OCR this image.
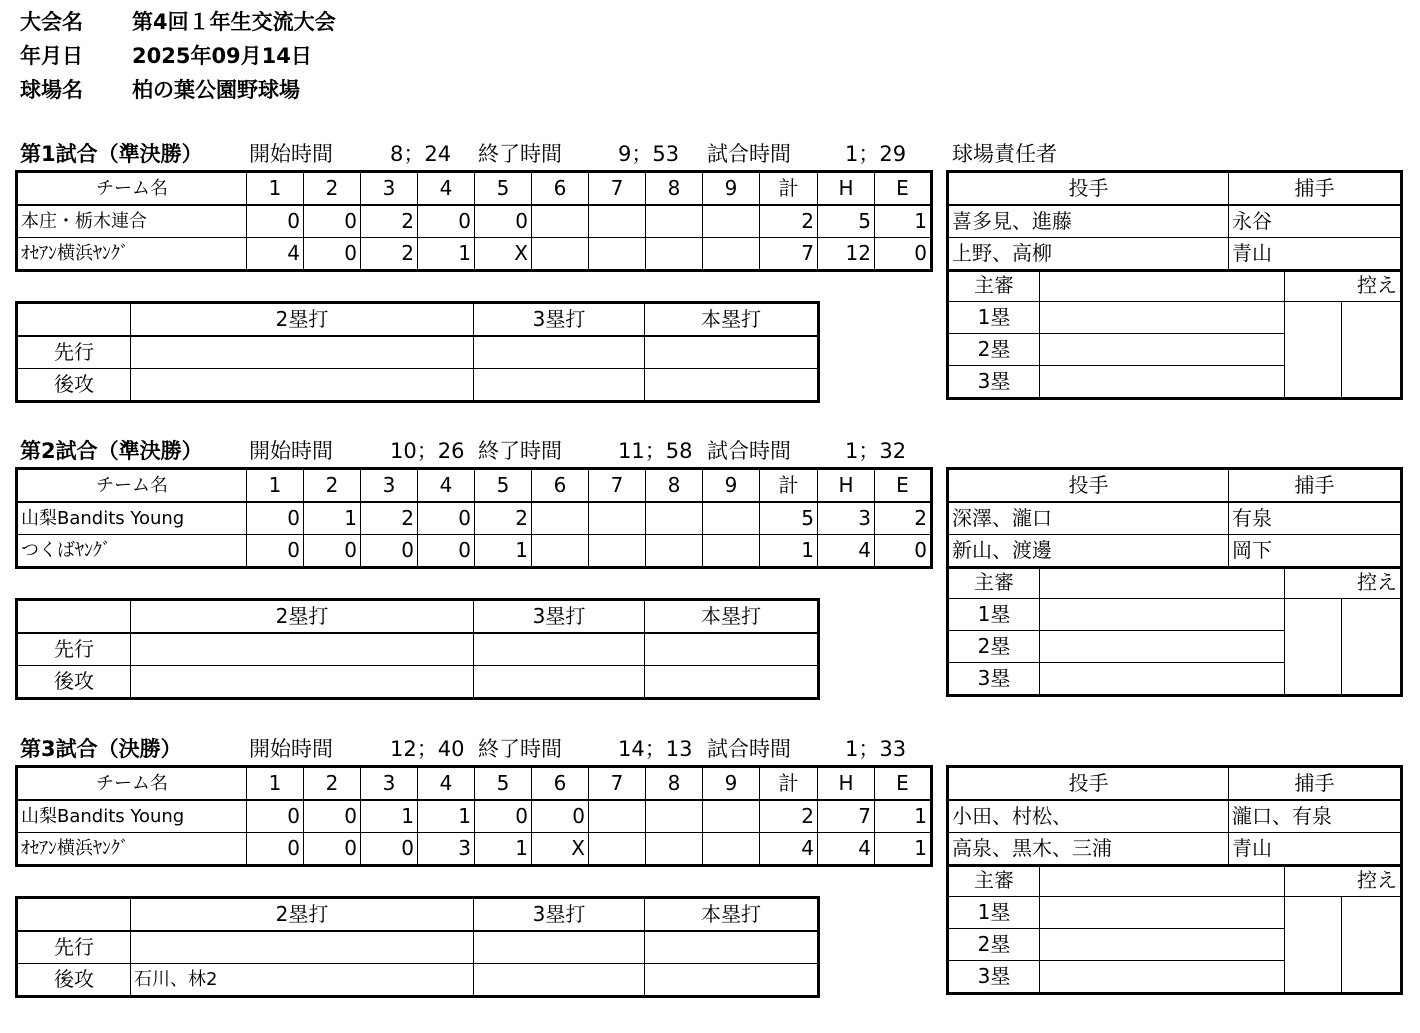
大会名 第4回１年生交流大会
年月日 2025年09月14日
球場名 柏の葉公園野球場
第1試合（準決勝） 開始時間	8；24 終了時間	9；53 試合時間	1；29 球場責任者
チーム名	1	2	3	4	5	6	7	8	9	計	H	E
本庄・栃木連合	0	0	2	0	0					2	5	1
ｵｾｱﾝ横浜ﾔﾝｸﾞ	4	0	2	1	X					7	12	0
投手	捕手
喜多見、進藤	永谷
上野、高柳	青山
主審		控え	
1塁			
2塁			
3塁			
	2塁打	3塁打	本塁打
先行			
後攻			
第2試合（準決勝） 開始時間	10；26 終了時間	11；58 試合時間	1；32
チーム名	1	2	3	4	5	6	7	8	9	計	H	E
山梨Bandits Young	0	1	2	0	2					5	3	2
つくばﾔﾝｸﾞ	0	0	0	0	1					1	4	0
投手	捕手
深澤、瀧口	有泉
新山、渡邊	岡下
主審		控え	
1塁			
2塁			
3塁			
	2塁打	3塁打	本塁打
先行			
後攻			
第3試合（決勝）	開始時間	12；40 終了時間	14；13 試合時間	1；33
チーム名	1	2	3	4	5	6	7	8	9	計	H	E
山梨Bandits Young	0	0	1	1	0	0				2	7	1
ｵｾｱﾝ横浜ﾔﾝｸﾞ	0	0	0	3	1	X				4	4	1
投手	捕手
小田、村松、	瀧口、有泉
高泉、黒木、三浦	青山
主審		控え	
1塁			
2塁			
3塁			
	2塁打	3塁打	本塁打
先行			
後攻	石川、林2		
